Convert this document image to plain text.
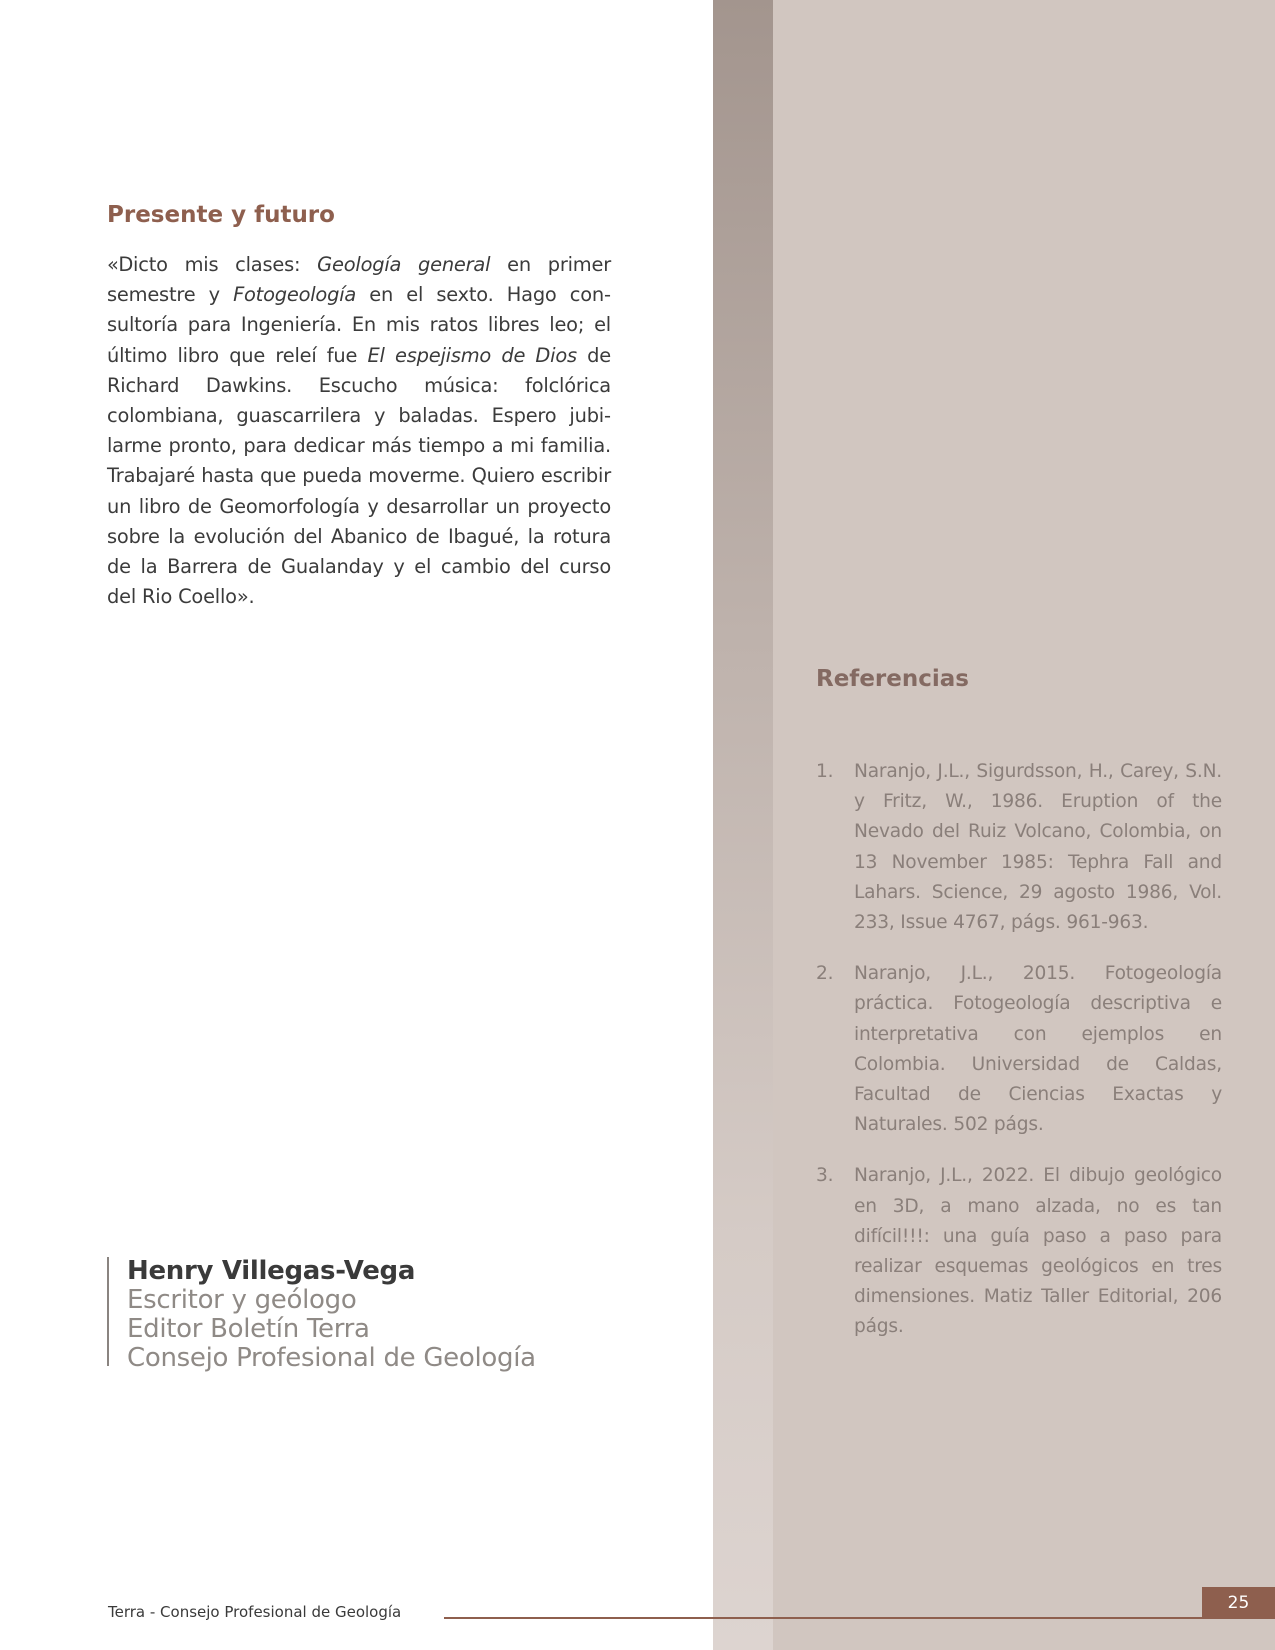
Presente y futuro

«Dicto mis clases: Geología general en primer semestre y Fotogeología en el sexto. Hago consultoría para Ingeniería. En mis ratos libres leo; el último libro que releí fue El espejismo de Dios de Richard Dawkins. Escucho música: folclórica colombiana, guascarrilera y baladas. Espero jubilarme pronto, para dedicar más tiempo a mi familia. Trabajaré hasta que pueda moverme. Quiero escribir un libro de Geomorfología y desarrollar un proyecto sobre la evolución del Abanico de Ibagué, la rotura de la Barrera de Gualanday y el cambio del curso del Rio Coello».

Henry Villegas-Vega
Escritor y geólogo
Editor Boletín Terra
Consejo Profesional de Geología
Referencias
1. Naranjo, J.L., Sigurdsson, H., Carey, S.N. y Fritz, W., 1986. Eruption of the Nevado del Ruiz Volcano, Colombia, on 13 November 1985: Tephra Fall and Lahars. Science, 29 agosto 1986, Vol. 233, Issue 4767, págs. 961-963.
2. Naranjo, J.L., 2015. Fotogeología práctica. Fotogeología descriptiva e interpretativa con ejemplos en Colombia. Universidad de Caldas, Facultad de Ciencias Exactas y Naturales. 502 págs.
3. Naranjo, J.L., 2022. El dibujo geológico en 3D, a mano alzada, no es tan difícil!!!: una guía paso a paso para realizar esquemas geológicos en tres dimensiones. Matiz Taller Editorial, 206 págs.
Terra - Consejo Profesional de Geología	25
